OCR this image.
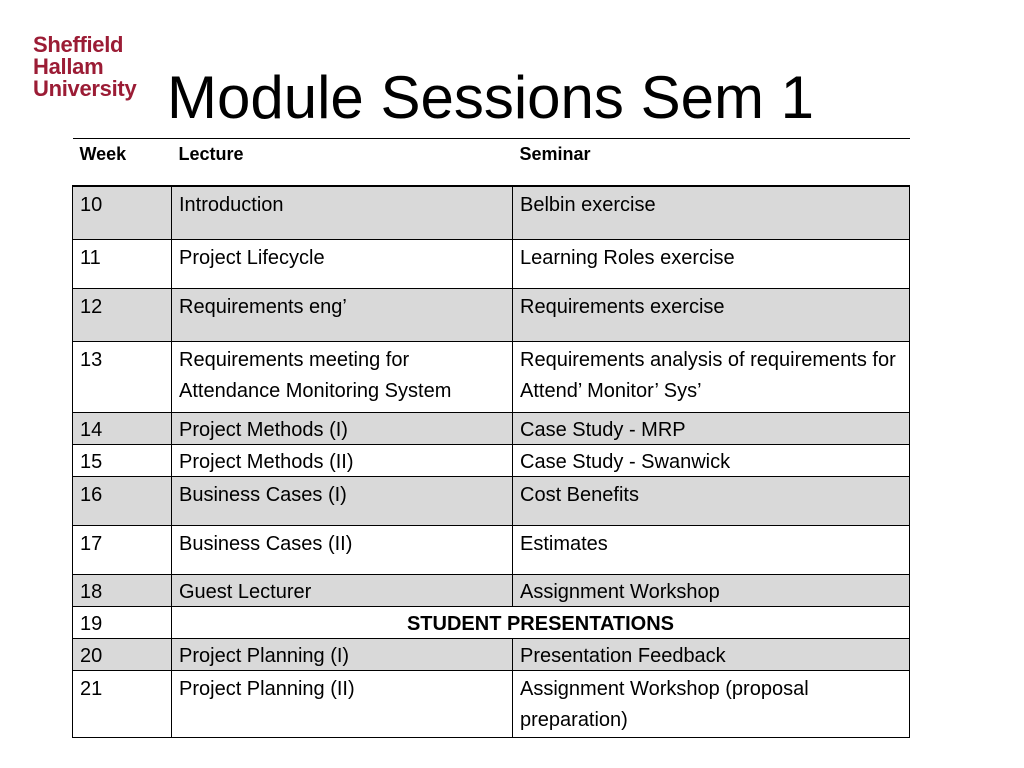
Sheffield
Hallam
University Module Sessions Sem 1
Week	Lecture	Seminar
10	Introduction	Belbin exercise
11	Project Lifecycle	Learning Roles exercise
12	Requirements eng’	Requirements exercise
13	Requirements meeting for Attendance Monitoring System	Requirements analysis of requirements for Attend’ Monitor’ Sys’
14	Project Methods (I)	Case Study - MRP
15	Project Methods (II)	Case Study - Swanwick
16	Business Cases (I)	Cost Benefits
17	Business Cases (II)	Estimates
18	Guest Lecturer	Assignment Workshop
19	STUDENT PRESENTATIONS	
20	Project Planning (I)	Presentation Feedback
21	Project Planning (II)	Assignment Workshop (proposal preparation)
